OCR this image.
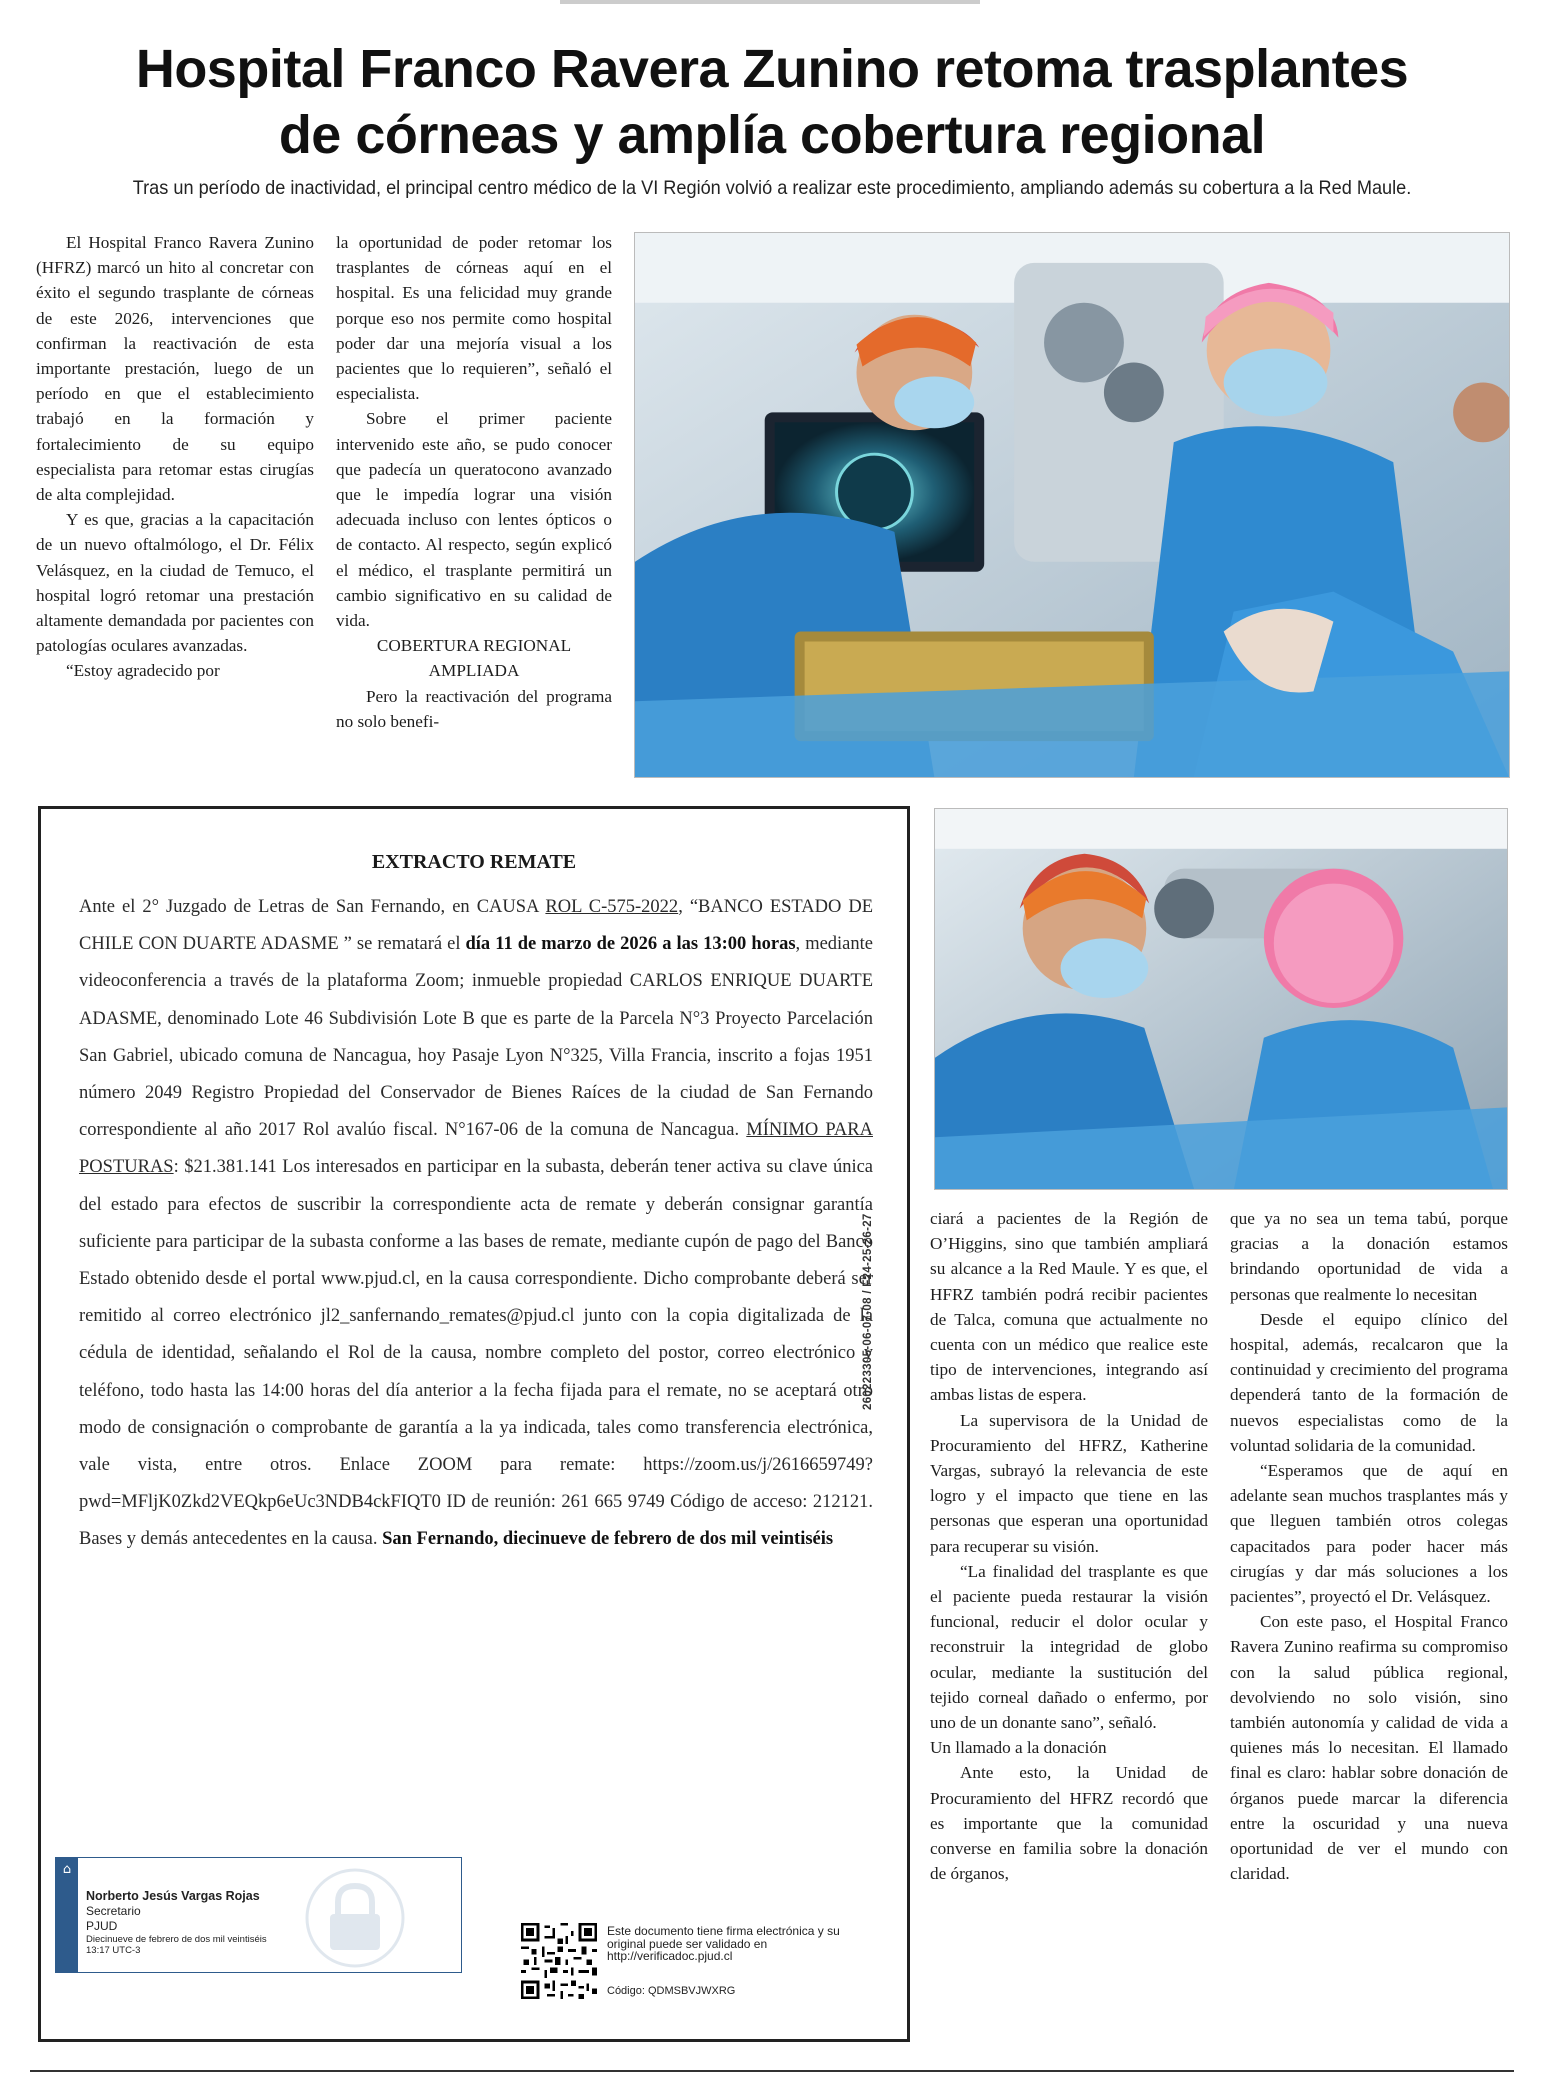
Hospital Franco Ravera Zunino retoma trasplantes
de córneas y amplía cobertura regional
Tras un período de inactividad, el principal centro médico de la VI Región volvió a realizar este procedimiento, ampliando además su cobertura a la Red Maule.

El Hospital Franco Ravera Zunino (HFRZ) marcó un hito al concretar con éxito el segundo trasplante de córneas de este 2026, intervenciones que confirman la reactivación de esta importante prestación, luego de un período en que el establecimiento trabajó en la formación y fortalecimiento de su equipo especialista para retomar estas cirugías de alta complejidad.

Y es que, gracias a la capacitación de un nuevo oftalmólogo, el Dr. Félix Velásquez, en la ciudad de Temuco, el hospital logró retomar una prestación altamente demandada por pacientes con patologías oculares avanzadas.

“Estoy agradecido por

la oportunidad de poder retomar los trasplantes de córneas aquí en el hospital. Es una felicidad muy grande porque eso nos permite como hospital poder dar una mejoría visual a los pacientes que lo requieren”, señaló el especialista.

Sobre el primer paciente intervenido este año, se pudo conocer que padecía un queratocono avanzado que le impedía lograr una visión adecuada incluso con lentes ópticos o de contacto. Al respecto, según explicó el médico, el trasplante permitirá un cambio significativo en su calidad de vida.

COBERTURA REGIONAL AMPLIADA

Pero la reactivación del programa no solo benefi-

EXTRACTO REMATE
Ante el 2° Juzgado de Letras de San Fernando, en CAUSA ROL C-575-2022, “BANCO ESTADO DE CHILE CON DUARTE ADASME ” se rematará el día 11 de marzo de 2026 a las 13:00 horas, mediante videoconferencia a través de la plataforma Zoom; inmueble propiedad CARLOS ENRIQUE DUARTE ADASME, denominado Lote 46 Subdivisión Lote B que es parte de la Parcela N°3 Proyecto Parcelación San Gabriel, ubicado comuna de Nancagua, hoy Pasaje Lyon N°325, Villa Francia, inscrito a fojas 1951 número 2049 Registro Propiedad del Conservador de Bienes Raíces de la ciudad de San Fernando correspondiente al año 2017 Rol avalúo fiscal. N°167-06 de la comuna de Nancagua. MÍNIMO PARA POSTURAS: $21.381.141 Los interesados en participar en la subasta, deberán tener activa su clave única del estado para efectos de suscribir la correspondiente acta de remate y deberán consignar garantía suficiente para participar de la subasta conforme a las bases de remate, mediante cupón de pago del Banco Estado obtenido desde el portal www.pjud.cl, en la causa correspondiente. Dicho comprobante deberá ser remitido al correo electrónico jl2_sanfernando_remates@pjud.cl junto con la copia digitalizada de la cédula de identidad, señalando el Rol de la causa, nombre completo del postor, correo electrónico y teléfono, todo hasta las 14:00 horas del día anterior a la fecha fijada para el remate, no se aceptará otro modo de consignación o comprobante de garantía a la ya indicada, tales como transferencia electrónica, vale vista, entre otros. Enlace ZOOM para remate: https://zoom.us/j/2616659749?pwd=MFljK0Zkd2VEQkp6eUc3NDB4ckFIQT0 ID de reunión: 261 665 9749 Código de acceso: 212121. Bases y demás antecedentes en la causa. San Fernando, diecinueve de febrero de dos mil veintiséis
⌂
Norberto Jesús Vargas Rojas
Secretario
PJUD
Diecinueve de febrero de dos mil veintiséis
13:17 UTC-3
Este documento tiene firma electrónica y su original puede ser validado en http://verificadoc.pjud.cl
Código: QDMSBVJWXRG
260223305-06-07-08 / F24-25-26-27	ciará a pacientes de la Región de O’Higgins, sino que también ampliará su alcance a la Red Maule. Y es que, el HFRZ también podrá recibir pacientes de Talca, comuna que actualmente no cuenta con un médico que realice este tipo de intervenciones, integrando así ambas listas de espera.

La supervisora de la Unidad de Procuramiento del HFRZ, Katherine Vargas, subrayó la relevancia de este logro y el impacto que tiene en las personas que esperan una oportunidad para recuperar su visión.

“La finalidad del trasplante es que el paciente pueda restaurar la visión funcional, reducir el dolor ocular y reconstruir la integridad de globo ocular, mediante la sustitución del tejido corneal dañado o enfermo, por uno de un donante sano”, señaló.

Un llamado a la donación

Ante esto, la Unidad de Procuramiento del HFRZ recordó que es importante que la comunidad converse en familia sobre la donación de órganos,

que ya no sea un tema tabú, porque gracias a la donación estamos brindando oportunidad de vida a personas que realmente lo necesitan

Desde el equipo clínico del hospital, además, recalcaron que la continuidad y crecimiento del programa dependerá tanto de la formación de nuevos especialistas como de la voluntad solidaria de la comunidad.

“Esperamos que de aquí en adelante sean muchos trasplantes más y que lleguen también otros colegas capacitados para poder hacer más cirugías y dar más soluciones a los pacientes”, proyectó el Dr. Velásquez.

Con este paso, el Hospital Franco Ravera Zunino reafirma su compromiso con la salud pública regional, devolviendo no solo visión, sino también autonomía y calidad de vida a quienes más lo necesitan. El llamado final es claro: hablar sobre donación de órganos puede marcar la diferencia entre la oscuridad y una nueva oportunidad de ver el mundo con claridad.
